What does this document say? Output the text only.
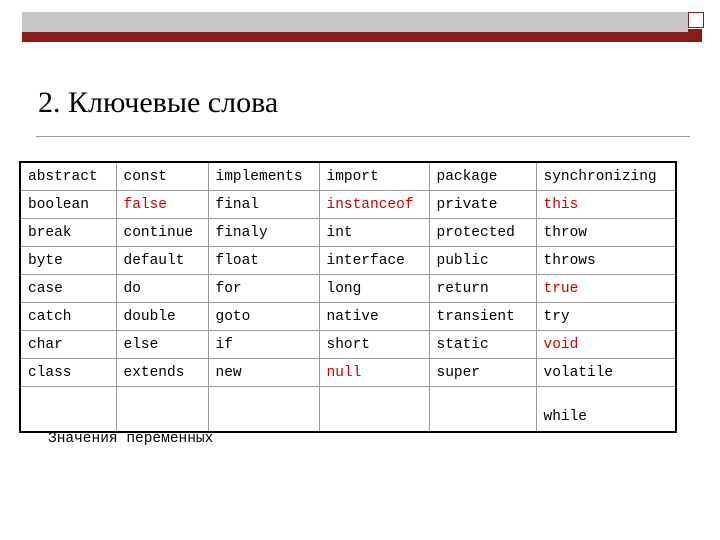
2. Ключевые слова
abstract	const	implements	import	package	synchronizing
boolean	false	final	instanceof	private	this
break	continue	finaly	int	protected	throw
byte	default	float	interface	public	throws
case	do	for	long	return	true
catch	double	goto	native	transient	try
char	else	if	short	static	void
class	extends	new	null	super	volatile
					while
Значения переменных
